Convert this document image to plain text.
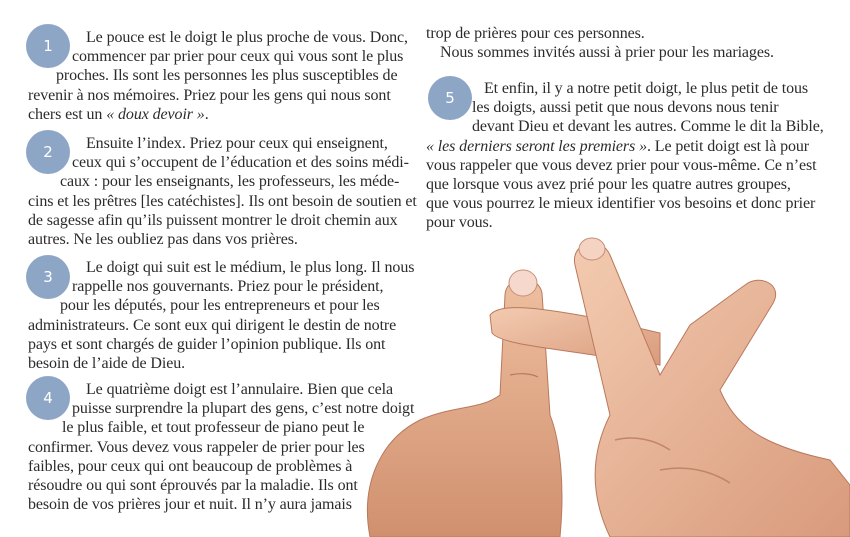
1	Le pouce est le doigt le plus proche de vous. Donc,
commencer par prier pour ceux qui vous sont le plus
proches. Ils sont les personnes les plus susceptibles de
revenir à nos mémoires. Priez pour les gens qui nous sont
chers est un « doux devoir ».

2	Ensuite l’index. Priez pour ceux qui enseignent,
ceux qui s’occupent de l’éducation et des soins médi-
caux : pour les enseignants, les professeurs, les méde-
cins et les prêtres [les catéchistes]. Ils ont besoin de soutien et
de sagesse afin qu’ils puissent montrer le droit chemin aux
autres. Ne les oubliez pas dans vos prières.

3

Le doigt qui suit est le médium, le plus long. Il nous
rappelle nos gouvernants. Priez pour le président,
pour les députés, pour les entrepreneurs et pour les
administrateurs. Ce sont eux qui dirigent le destin de notre
pays et sont chargés de guider l’opinion publique. Ils ont
besoin de l’aide de Dieu.

4	Le quatrième doigt est l’annulaire. Bien que cela
puisse surprendre la plupart des gens, c’est notre doigt
le plus faible, et tout professeur de piano peut le
confirmer. Vous devez vous rappeler de prier pour les
faibles, pour ceux qui ont beaucoup de problèmes à
résoudre ou qui sont éprouvés par la maladie. Ils ont
besoin de vos prières jour et nuit. Il n’y aura jamais

trop de prières pour ces personnes.
Nous sommes invités aussi à prier pour les mariages.

5

Et enfin, il y a notre petit doigt, le plus petit de tous
les doigts, aussi petit que nous devons nous tenir
devant Dieu et devant les autres. Comme le dit la Bible,
« les derniers seront les premiers ». Le petit doigt est là pour
vous rappeler que vous devez prier pour vous-même. Ce n’est
que lorsque vous avez prié pour les quatre autres groupes,
que vous pourrez le mieux identifier vos besoins et donc prier
pour vous.
